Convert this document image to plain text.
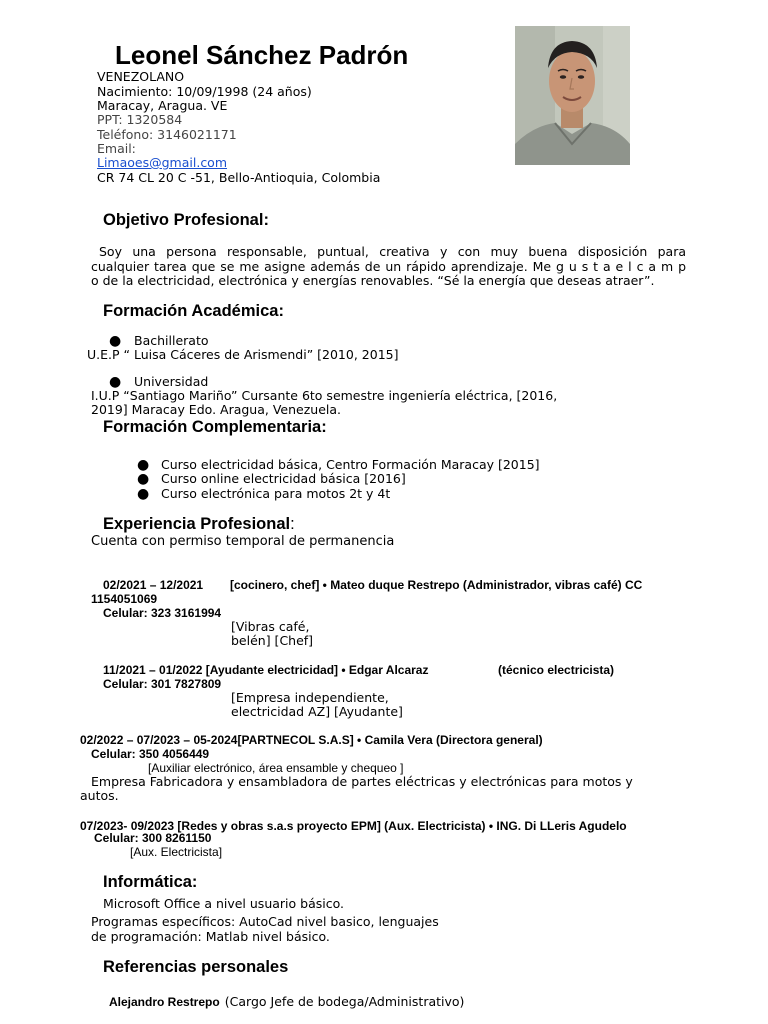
Leonel Sánchez Padrón
VENEZOLANO
Nacimiento: 10/09/1998 (24 años)
Maracay, Aragua. VE
PPT: 1320584
Teléfono: 3146021171
Email:
Limaoes@gmail.com
CR 74 CL 20 C -51, Bello-Antioquia, Colombia
Objetivo Profesional:
Soy una persona responsable, puntual, creativa y con muy buena disposición para
cualquier tarea que se me asigne además de un rápido aprendizaje. Me g u s t a e l c a m p
o de la electricidad, electrónica y energías renovables. “Sé la energía que deseas atraer”.
Formación Académica:
● Bachillerato
U.E.P “ Luisa Cáceres de Arismendi” [2010, 2015]
● Universidad
I.U.P “Santiago Mariño” Cursante 6to semestre ingeniería eléctrica, [2016,
2019] Maracay Edo. Aragua, Venezuela.
Formación Complementaria:
● Curso electricidad básica, Centro Formación Maracay [2015]
● Curso online electricidad básica [2016]
● Curso electrónica para motos 2t y 4t
Experiencia Profesional:
Cuenta con permiso temporal de permanencia
02/2021 – 12/2021 [cocinero, chef] • Mateo duque Restrepo (Administrador, vibras café) CC
1154051069
Celular: 323 3161994
[Vibras café,
belén] [Chef]
11/2021 – 01/2022 [Ayudante electricidad] • Edgar Alcaraz	(técnico electricista)
Celular: 301 7827809
[Empresa independiente,
electricidad AZ] [Ayudante]
02/2022 – 07/2023 – 05-2024[PARTNECOL S.A.S] • Camila Vera (Directora general)
Celular: 350 4056449
[Auxiliar electrónico, área ensamble y chequeo ]
Empresa Fabricadora y ensambladora de partes eléctricas y electrónicas para motos y
autos.
07/2023- 09/2023 [Redes y obras s.a.s proyecto EPM] (Aux. Electricista) • ING. Di LLeris Agudelo
Celular: 300 8261150
[Aux. Electricista]
Informática:
Microsoft Office a nivel usuario básico.
Programas específicos: AutoCad nivel basico, lenguajes
de programación: Matlab nivel básico.
Referencias personales
Alejandro Restrepo (Cargo Jefe de bodega/Administrativo)
